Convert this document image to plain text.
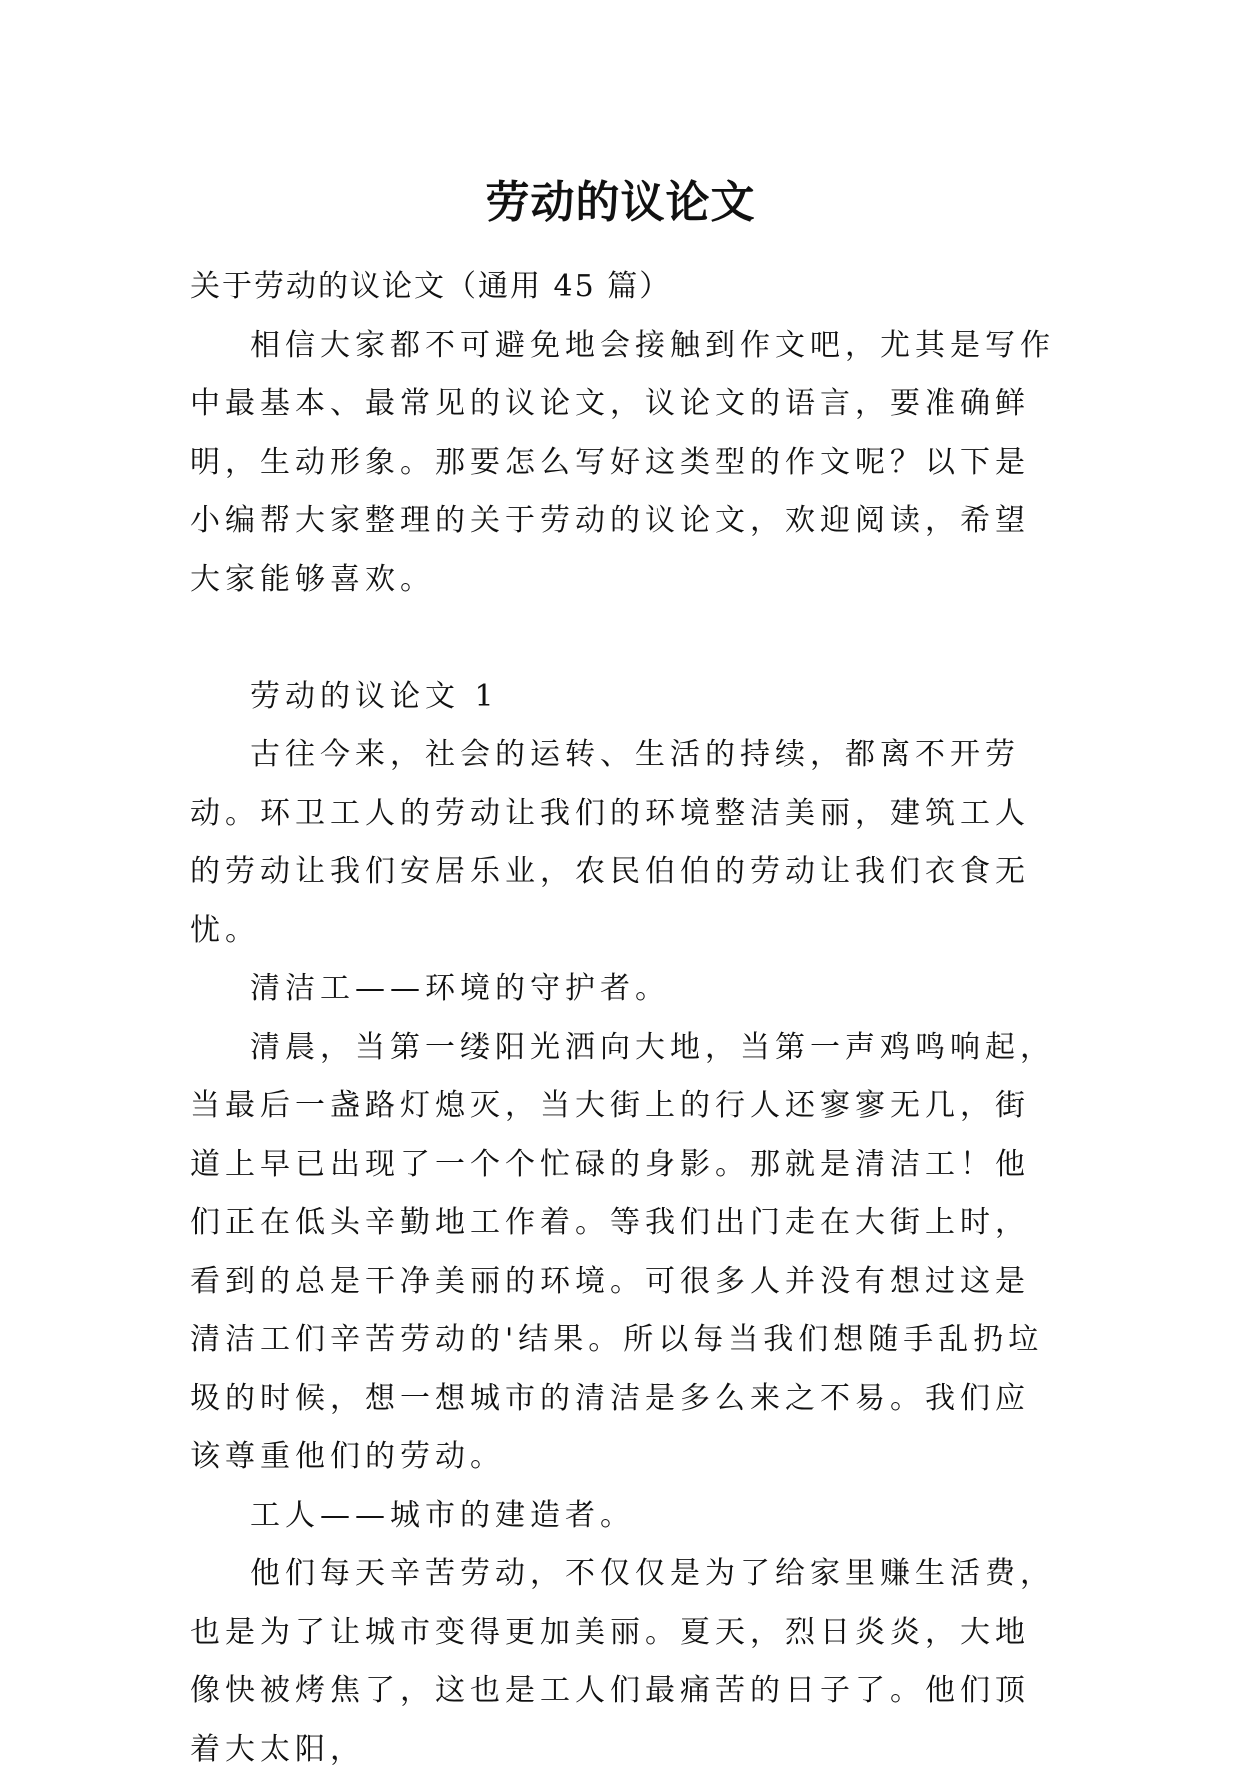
劳动的议论文

关于劳动的议论文（通用 45 篇）

相信大家都不可避免地会接触到作文吧，尤其是写作中最基本、最常见的议论文，议论文的语言，要准确鲜明，生动形象。那要怎么写好这类型的作文呢？以下是小编帮大家整理的关于劳动的议论文，欢迎阅读，希望大家能够喜欢。

劳动的议论文 1

古往今来，社会的运转、生活的持续，都离不开劳动。环卫工人的劳动让我们的环境整洁美丽，建筑工人的劳动让我们安居乐业，农民伯伯的劳动让我们衣食无忧。

清洁工——环境的守护者。

清晨，当第一缕阳光洒向大地，当第一声鸡鸣响起，当最后一盏路灯熄灭，当大街上的行人还寥寥无几，街道上早已出现了一个个忙碌的身影。那就是清洁工！他们正在低头辛勤地工作着。等我们出门走在大街上时，看到的总是干净美丽的环境。可很多人并没有想过这是清洁工们辛苦劳动的'结果。所以每当我们想随手乱扔垃圾的时候，想一想城市的清洁是多么来之不易。我们应该尊重他们的劳动。

工人——城市的建造者。

他们每天辛苦劳动，不仅仅是为了给家里赚生活费，也是为了让城市变得更加美丽。夏天，烈日炎炎，大地像快被烤焦了，这也是工人们最痛苦的日子了。他们顶着大太阳，
